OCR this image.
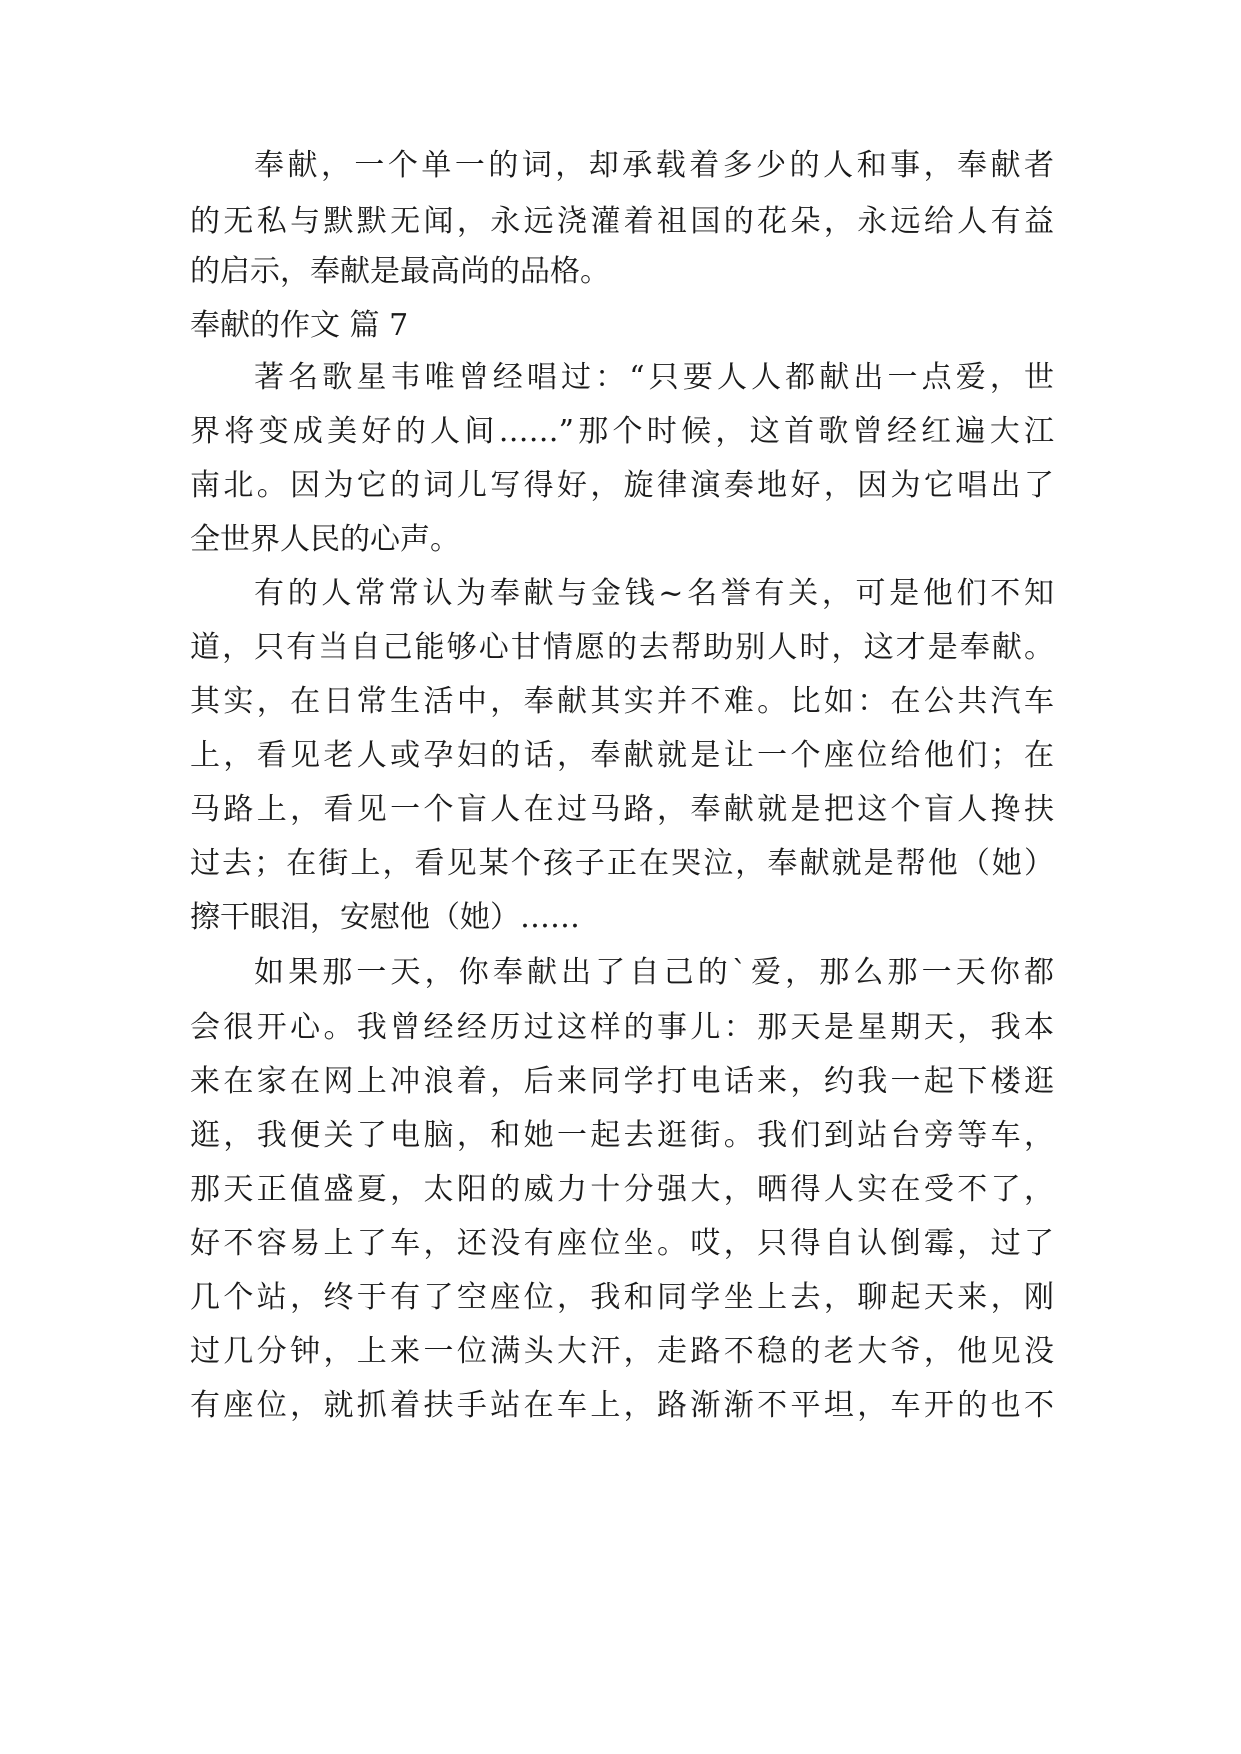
奉献，一个单一的词，却承载着多少的人和事，奉献者
的无私与默默无闻，永远浇灌着祖国的花朵，永远给人有益
的启示，奉献是最高尚的品格。
奉献的作文 篇 7
著名歌星韦唯曾经唱过：“只要人人都献出一点爱，世
界将变成美好的人间……”那个时候，这首歌曾经红遍大江
南北。因为它的词儿写得好，旋律演奏地好，因为它唱出了
全世界人民的心声。
有的人常常认为奉献与金钱~名誉有关，可是他们不知
道，只有当自己能够心甘情愿的去帮助别人时，这才是奉献。
其实，在日常生活中，奉献其实并不难。比如：在公共汽车
上，看见老人或孕妇的话，奉献就是让一个座位给他们；在
马路上，看见一个盲人在过马路，奉献就是把这个盲人搀扶
过去；在街上，看见某个孩子正在哭泣，奉献就是帮他（她）
擦干眼泪，安慰他（她）……
如果那一天，你奉献出了自己的`爱，那么那一天你都
会很开心。我曾经经历过这样的事儿：那天是星期天，我本
来在家在网上冲浪着，后来同学打电话来，约我一起下楼逛
逛，我便关了电脑，和她一起去逛街。我们到站台旁等车，
那天正值盛夏，太阳的威力十分强大，晒得人实在受不了，
好不容易上了车，还没有座位坐。哎，只得自认倒霉，过了
几个站，终于有了空座位，我和同学坐上去，聊起天来，刚
过几分钟，上来一位满头大汗，走路不稳的老大爷，他见没
有座位，就抓着扶手站在车上，路渐渐不平坦，车开的也不
